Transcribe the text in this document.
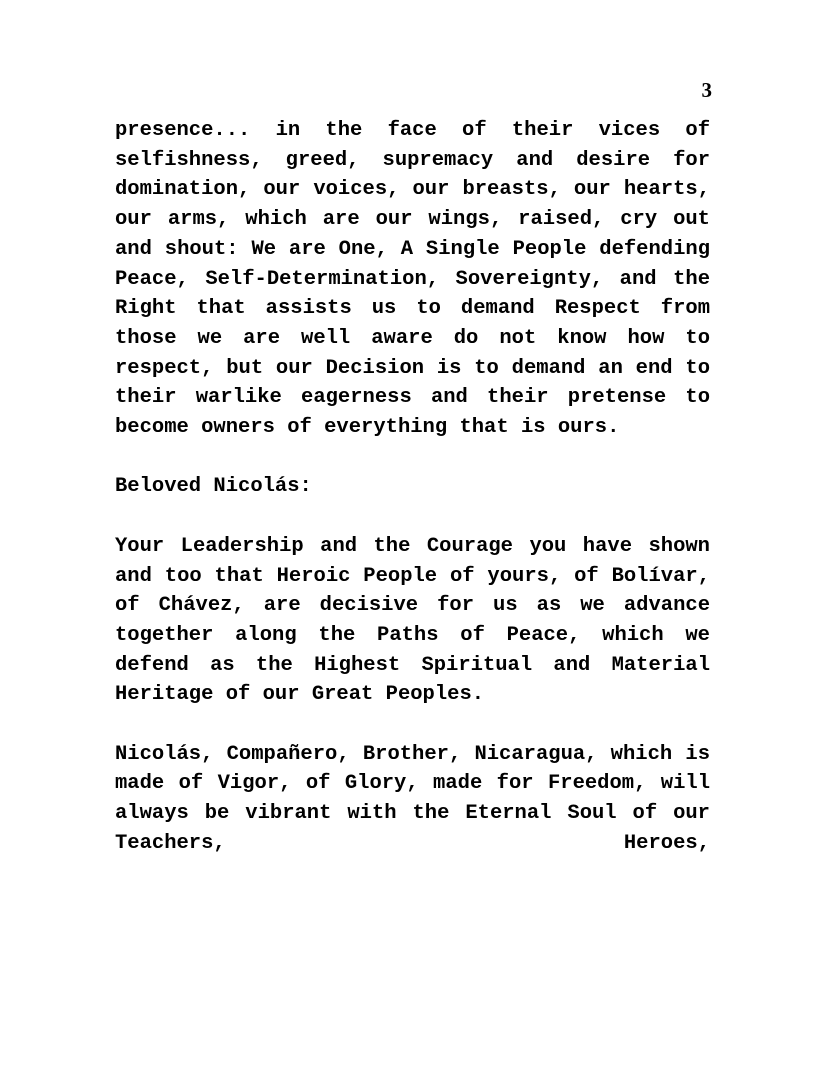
3

presence... in the face of their vices of selfishness, greed, supremacy and desire for domination, our voices, our breasts, our hearts, our arms, which are our wings, raised, cry out and shout: We are One, A Single People defending Peace, Self-Determination, Sovereignty, and the Right that assists us to demand Respect from those we are well aware do not know how to respect, but our Decision is to demand an end to their warlike eagerness and their pretense to become owners of everything that is ours.

Beloved Nicolás:

Your Leadership and the Courage you have shown and too that Heroic People of yours, of Bolívar, of Chávez, are decisive for us as we advance together along the Paths of Peace, which we defend as the Highest Spiritual and Material Heritage of our Great Peoples.

Nicolás, Compañero, Brother, Nicaragua, which is made of Vigor, of Glory, made for Freedom, will always be vibrant with the Eternal Soul of our Teachers, Heroes,
